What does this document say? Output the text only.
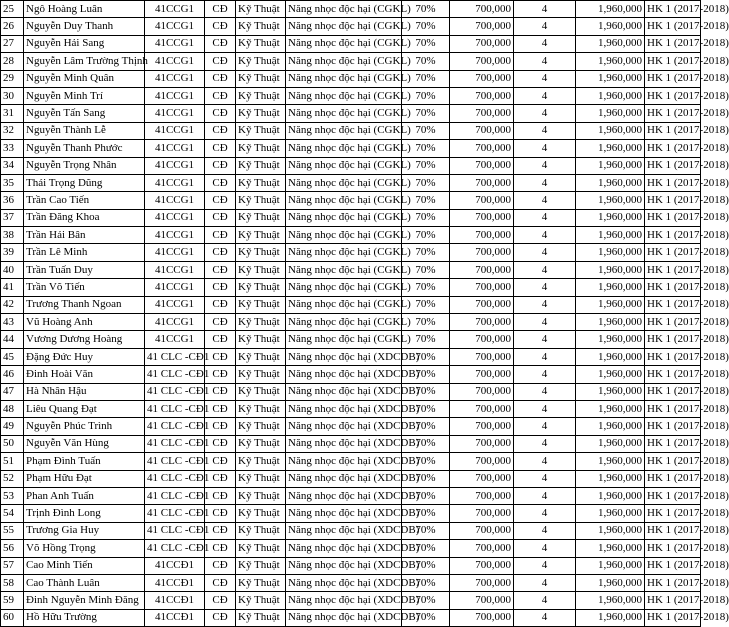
25	Ngô Hoàng Luân	41CCG1	CĐ	Kỹ Thuật	Năng nhọc độc hại (CGKL)	70%	700,000	4	1,960,000	HK 1 (2017-2018)
26	Nguyễn Duy Thanh	41CCG1	CĐ	Kỹ Thuật	Năng nhọc độc hại (CGKL)	70%	700,000	4	1,960,000	HK 1 (2017-2018)
27	Nguyễn Hải Sang	41CCG1	CĐ	Kỹ Thuật	Năng nhọc độc hại (CGKL)	70%	700,000	4	1,960,000	HK 1 (2017-2018)
28	Nguyễn Lâm Trường Thịnh	41CCG1	CĐ	Kỹ Thuật	Năng nhọc độc hại (CGKL)	70%	700,000	4	1,960,000	HK 1 (2017-2018)
29	Nguyễn Minh Quân	41CCG1	CĐ	Kỹ Thuật	Năng nhọc độc hại (CGKL)	70%	700,000	4	1,960,000	HK 1 (2017-2018)
30	Nguyễn Minh Trí	41CCG1	CĐ	Kỹ Thuật	Năng nhọc độc hại (CGKL)	70%	700,000	4	1,960,000	HK 1 (2017-2018)
31	Nguyễn Tấn Sang	41CCG1	CĐ	Kỹ Thuật	Năng nhọc độc hại (CGKL)	70%	700,000	4	1,960,000	HK 1 (2017-2018)
32	Nguyễn Thành Lễ	41CCG1	CĐ	Kỹ Thuật	Năng nhọc độc hại (CGKL)	70%	700,000	4	1,960,000	HK 1 (2017-2018)
33	Nguyễn Thanh Phước	41CCG1	CĐ	Kỹ Thuật	Năng nhọc độc hại (CGKL)	70%	700,000	4	1,960,000	HK 1 (2017-2018)
34	Nguyễn Trọng Nhân	41CCG1	CĐ	Kỹ Thuật	Năng nhọc độc hại (CGKL)	70%	700,000	4	1,960,000	HK 1 (2017-2018)
35	Thái Trọng Dũng	41CCG1	CĐ	Kỹ Thuật	Năng nhọc độc hại (CGKL)	70%	700,000	4	1,960,000	HK 1 (2017-2018)
36	Trần Cao Tiến	41CCG1	CĐ	Kỹ Thuật	Năng nhọc độc hại (CGKL)	70%	700,000	4	1,960,000	HK 1 (2017-2018)
37	Trần Đăng Khoa	41CCG1	CĐ	Kỹ Thuật	Năng nhọc độc hại (CGKL)	70%	700,000	4	1,960,000	HK 1 (2017-2018)
38	Trần Hải Bân	41CCG1	CĐ	Kỹ Thuật	Năng nhọc độc hại (CGKL)	70%	700,000	4	1,960,000	HK 1 (2017-2018)
39	Trần Lê Minh	41CCG1	CĐ	Kỹ Thuật	Năng nhọc độc hại (CGKL)	70%	700,000	4	1,960,000	HK 1 (2017-2018)
40	Trần Tuấn Duy	41CCG1	CĐ	Kỹ Thuật	Năng nhọc độc hại (CGKL)	70%	700,000	4	1,960,000	HK 1 (2017-2018)
41	Trần Võ Tiến	41CCG1	CĐ	Kỹ Thuật	Năng nhọc độc hại (CGKL)	70%	700,000	4	1,960,000	HK 1 (2017-2018)
42	Trương Thanh Ngoan	41CCG1	CĐ	Kỹ Thuật	Năng nhọc độc hại (CGKL)	70%	700,000	4	1,960,000	HK 1 (2017-2018)
43	Vũ Hoàng Anh	41CCG1	CĐ	Kỹ Thuật	Năng nhọc độc hại (CGKL)	70%	700,000	4	1,960,000	HK 1 (2017-2018)
44	Vương Dương Hoàng	41CCG1	CĐ	Kỹ Thuật	Năng nhọc độc hại (CGKL)	70%	700,000	4	1,960,000	HK 1 (2017-2018)
45	Đặng Đức Huy	41 CLC -CĐ1	CĐ	Kỹ Thuật	Năng nhọc độc hại (XDCDB)	70%	700,000	4	1,960,000	HK 1 (2017-2018)
46	Đinh Hoài Văn	41 CLC -CĐ1	CĐ	Kỹ Thuật	Năng nhọc độc hại (XDCDB)	70%	700,000	4	1,960,000	HK 1 (2017-2018)
47	Hà Nhân Hậu	41 CLC -CĐ1	CĐ	Kỹ Thuật	Năng nhọc độc hại (XDCDB)	70%	700,000	4	1,960,000	HK 1 (2017-2018)
48	Liêu Quang Đạt	41 CLC -CĐ1	CĐ	Kỹ Thuật	Năng nhọc độc hại (XDCDB)	70%	700,000	4	1,960,000	HK 1 (2017-2018)
49	Nguyễn Phúc Trình	41 CLC -CĐ1	CĐ	Kỹ Thuật	Năng nhọc độc hại (XDCDB)	70%	700,000	4	1,960,000	HK 1 (2017-2018)
50	Nguyễn Văn Hùng	41 CLC -CĐ1	CĐ	Kỹ Thuật	Năng nhọc độc hại (XDCDB)	70%	700,000	4	1,960,000	HK 1 (2017-2018)
51	Phạm Đình Tuấn	41 CLC -CĐ1	CĐ	Kỹ Thuật	Năng nhọc độc hại (XDCDB)	70%	700,000	4	1,960,000	HK 1 (2017-2018)
52	Phạm Hữu Đạt	41 CLC -CĐ1	CĐ	Kỹ Thuật	Năng nhọc độc hại (XDCDB)	70%	700,000	4	1,960,000	HK 1 (2017-2018)
53	Phan Anh Tuấn	41 CLC -CĐ1	CĐ	Kỹ Thuật	Năng nhọc độc hại (XDCDB)	70%	700,000	4	1,960,000	HK 1 (2017-2018)
54	Trịnh Đình Long	41 CLC -CĐ1	CĐ	Kỹ Thuật	Năng nhọc độc hại (XDCDB)	70%	700,000	4	1,960,000	HK 1 (2017-2018)
55	Trương Gia Huy	41 CLC -CĐ1	CĐ	Kỹ Thuật	Năng nhọc độc hại (XDCDB)	70%	700,000	4	1,960,000	HK 1 (2017-2018)
56	Võ Hồng Trọng	41 CLC -CĐ1	CĐ	Kỹ Thuật	Năng nhọc độc hại (XDCDB)	70%	700,000	4	1,960,000	HK 1 (2017-2018)
57	Cao Minh Tiến	41CCĐ1	CĐ	Kỹ Thuật	Năng nhọc độc hại (XDCDB)	70%	700,000	4	1,960,000	HK 1 (2017-2018)
58	Cao Thành Luân	41CCĐ1	CĐ	Kỹ Thuật	Năng nhọc độc hại (XDCDB)	70%	700,000	4	1,960,000	HK 1 (2017-2018)
59	Đinh Nguyễn Minh Đăng	41CCĐ1	CĐ	Kỹ Thuật	Năng nhọc độc hại (XDCDB)	70%	700,000	4	1,960,000	HK 1 (2017-2018)
60	Hồ Hữu Trường	41CCĐ1	CĐ	Kỹ Thuật	Năng nhọc độc hại (XDCDB)	70%	700,000	4	1,960,000	HK 1 (2017-2018)
